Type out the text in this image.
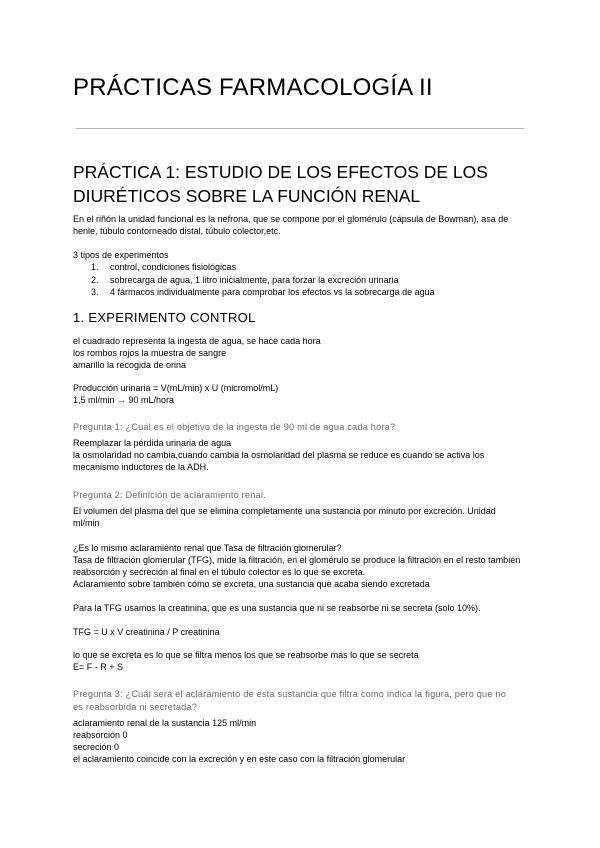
PRÁCTICAS FARMACOLOGÍA II
PRÁCTICA 1: ESTUDIO DE LOS EFECTOS DE LOS
DIURÉTICOS SOBRE LA FUNCIÓN RENAL
En el riñón la unidad funcional es la nefrona, que se compone por el glomérulo (cápsula de Bowman), asa de
henle, túbulo contorneado distal, túbulo colector,etc.
3 tipos de experimentos
1. control, condiciones fisiológicas
2. sobrecarga de agua, 1 litro inicialmente, para forzar la excreción urinaria
3. 4 fármacos individualmente para comprobar los efectos vs la sobrecarga de agua
1. EXPERIMENTO CONTROL
el cuadrado representa la ingesta de agua, se hace cada hora
los rombos rojos la muestra de sangre
amarillo la recogida de orina
Producción urinaria = V(mL/min) x U (micromol/mL)
1,5 ml/min → 90 mL/hora
Pregunta 1: ¿Cuál es el objetivo de la ingesta de 90 ml de agua cada hora?
Reemplazar la pérdida urinaria de agua
la osmolaridad no cambia,cuando cambia la osmolaridad del plasma se reduce es cuando se activa los
mecanismo inductores de la ADH.
Pregunta 2: Definición de aclaramiento renal.
El volumen del plasma del que se elimina completamente una sustancia por minuto por excreción. Unidad
ml/min
¿Es lo mismo aclaramiento renal que Tasa de filtración glomerular?
Tasa de filtración glomerular (TFG), mide la filtración, en el glomérulo se produce la filtración en el resto también
reabsorción y secreción al final en el túbulo colector es lo que se excreta.
Aclaramiento sobre también cómo se excreta, una sustancia que acaba siendo excretada
Para la TFG usamos la creatinina, que es una sustancia que ni se reabsorbe ni se secreta (solo 10%).
TFG = U x V creatinina / P creatinina
lo que se excreta es lo que se filtra menos los que se reabsorbe más lo que se secreta
E= F - R + S
Pregunta 3: ¿Cuál será el aclaramiento de esta sustancia que filtra como indica la figura, pero que no
es reabsorbida ni secretada?
aclaramiento renal de la sustancia 125 ml/min
reabsorción 0
secreción 0
el aclaramiento coincide con la excreción y en este caso con la filtración glomerular
